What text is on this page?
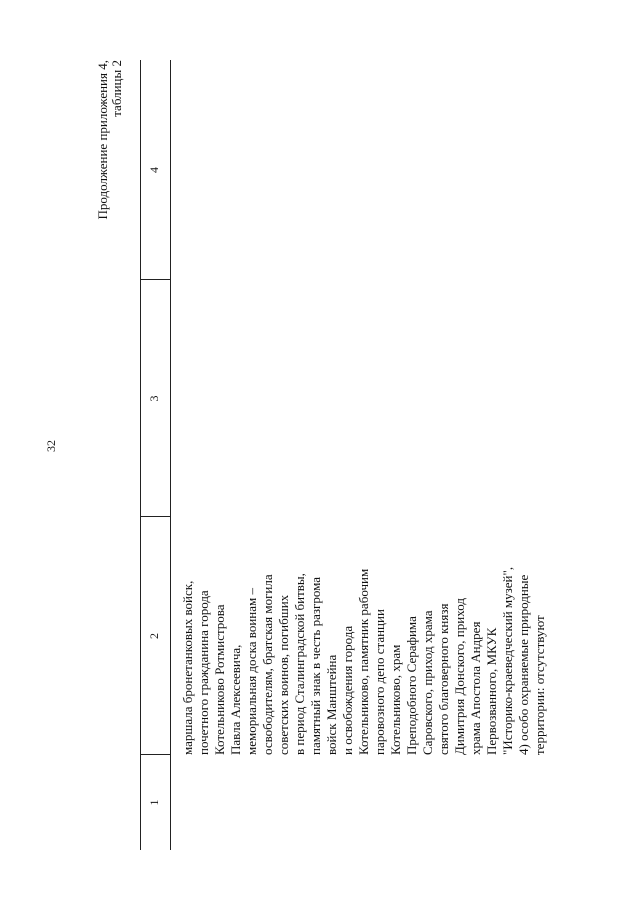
32
Продолжение приложения 4, таблицы 2
1
2
3
4
маршала бронетанковых войск, почетного гражданина города Котельниково Ротмистрова Павла Алексеевича, мемориальная доска воинам – освободителям, братская могила советских воинов, погибших в период Сталинградской битвы, памятный знак в честь разгрома войск Манштейна и освобождения города Котельниково, памятник рабочим паровозного депо станции Котельниково, храм Преподобного Серафима Саровского, приход храма святого благоверного князя Димитрия Донского, приход храма Апостола Андрея Первозванного, МКУК "Историко-краеведческий музей", 4) особо охраняемые природные территории: отсутствуют
